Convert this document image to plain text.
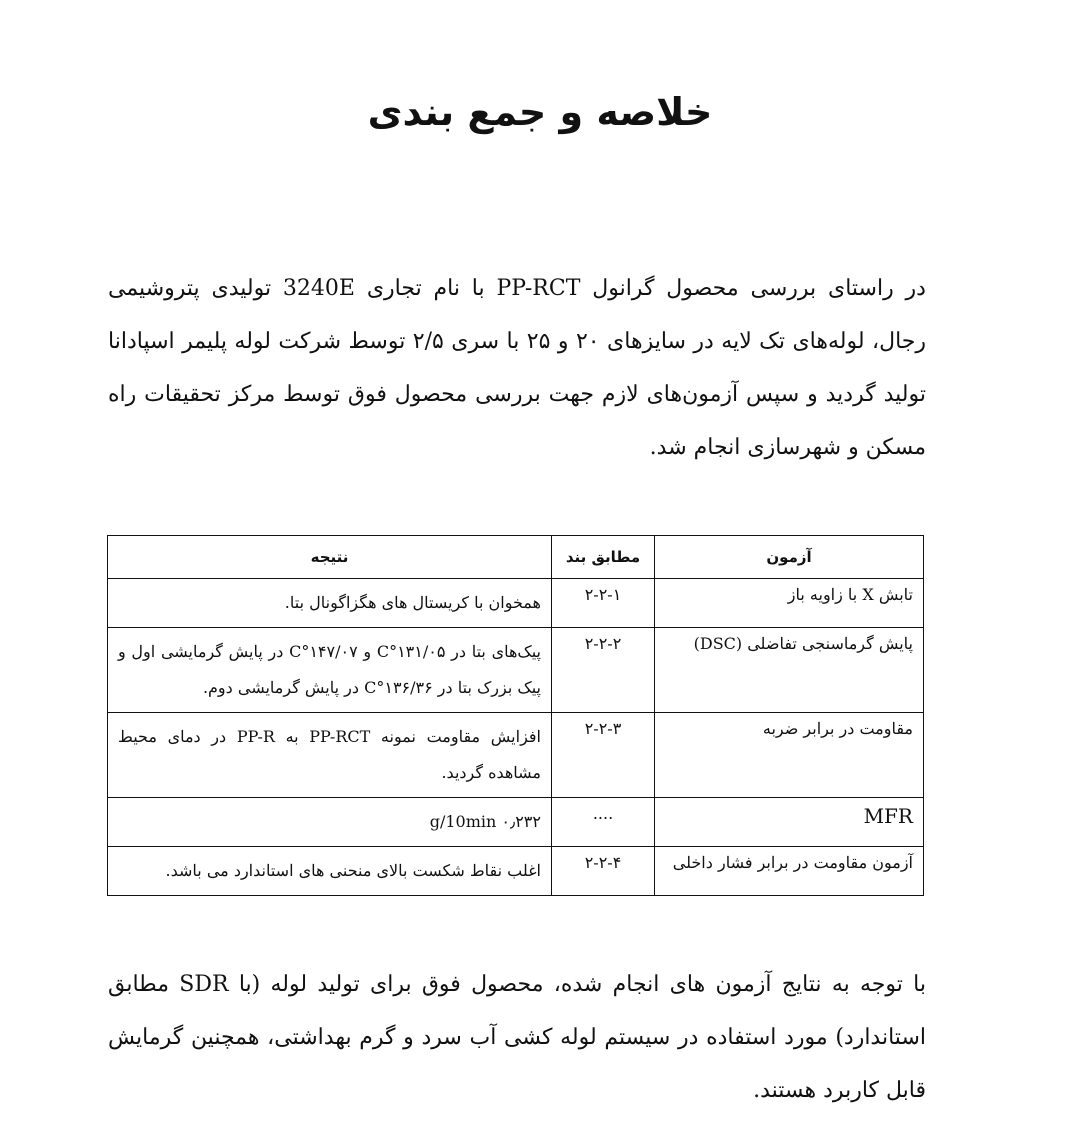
خلاصه و جمع بندی

در راستای بررسی محصول گرانول PP-RCT با نام تجاری 3240E تولیدی پتروشیمی رجال، لوله‌های تک لایه در سایزهای ۲۰ و ۲۵ با سری ۲/۵ توسط شرکت لوله پلیمر اسپادانا تولید گردید و سپس آزمون‌های لازم جهت بررسی محصول فوق توسط مرکز تحقیقات راه مسکن و شهرسازی انجام شد.

آزمون	مطابق بند	نتیجه
تابش X با زاویه باز	۲-۲-۱	همخوان با کریستال های هگزاگونال بتا.
پایش گرماسنجی تفاضلی (DSC)	۲-۲-۲	پیک‌های بتا در ۱۳۱/۰۵°C و ۱۴۷/۰۷°C در پایش گرمایشی اول و پیک بزرک بتا در ۱۳۶/۳۶°C در پایش گرمایشی دوم.
مقاومت در برابر ضربه	۲-۲-۳	افزایش مقاومت نمونه PP-RCT به PP-R در دمای محیط مشاهده گردید.
MFR	....	۰٫۲۳۲ g/10min
آزمون مقاومت در برابر فشار داخلی	۲-۲-۴	اغلب نقاط شکست بالای منحنی های استاندارد می باشد.

با توجه به نتایج آزمون های انجام شده، محصول فوق برای تولید لوله (با SDR مطابق استاندارد) مورد استفاده در سیستم لوله کشی آب سرد و گرم بهداشتی، همچنین گرمایش قابل کاربرد هستند.
